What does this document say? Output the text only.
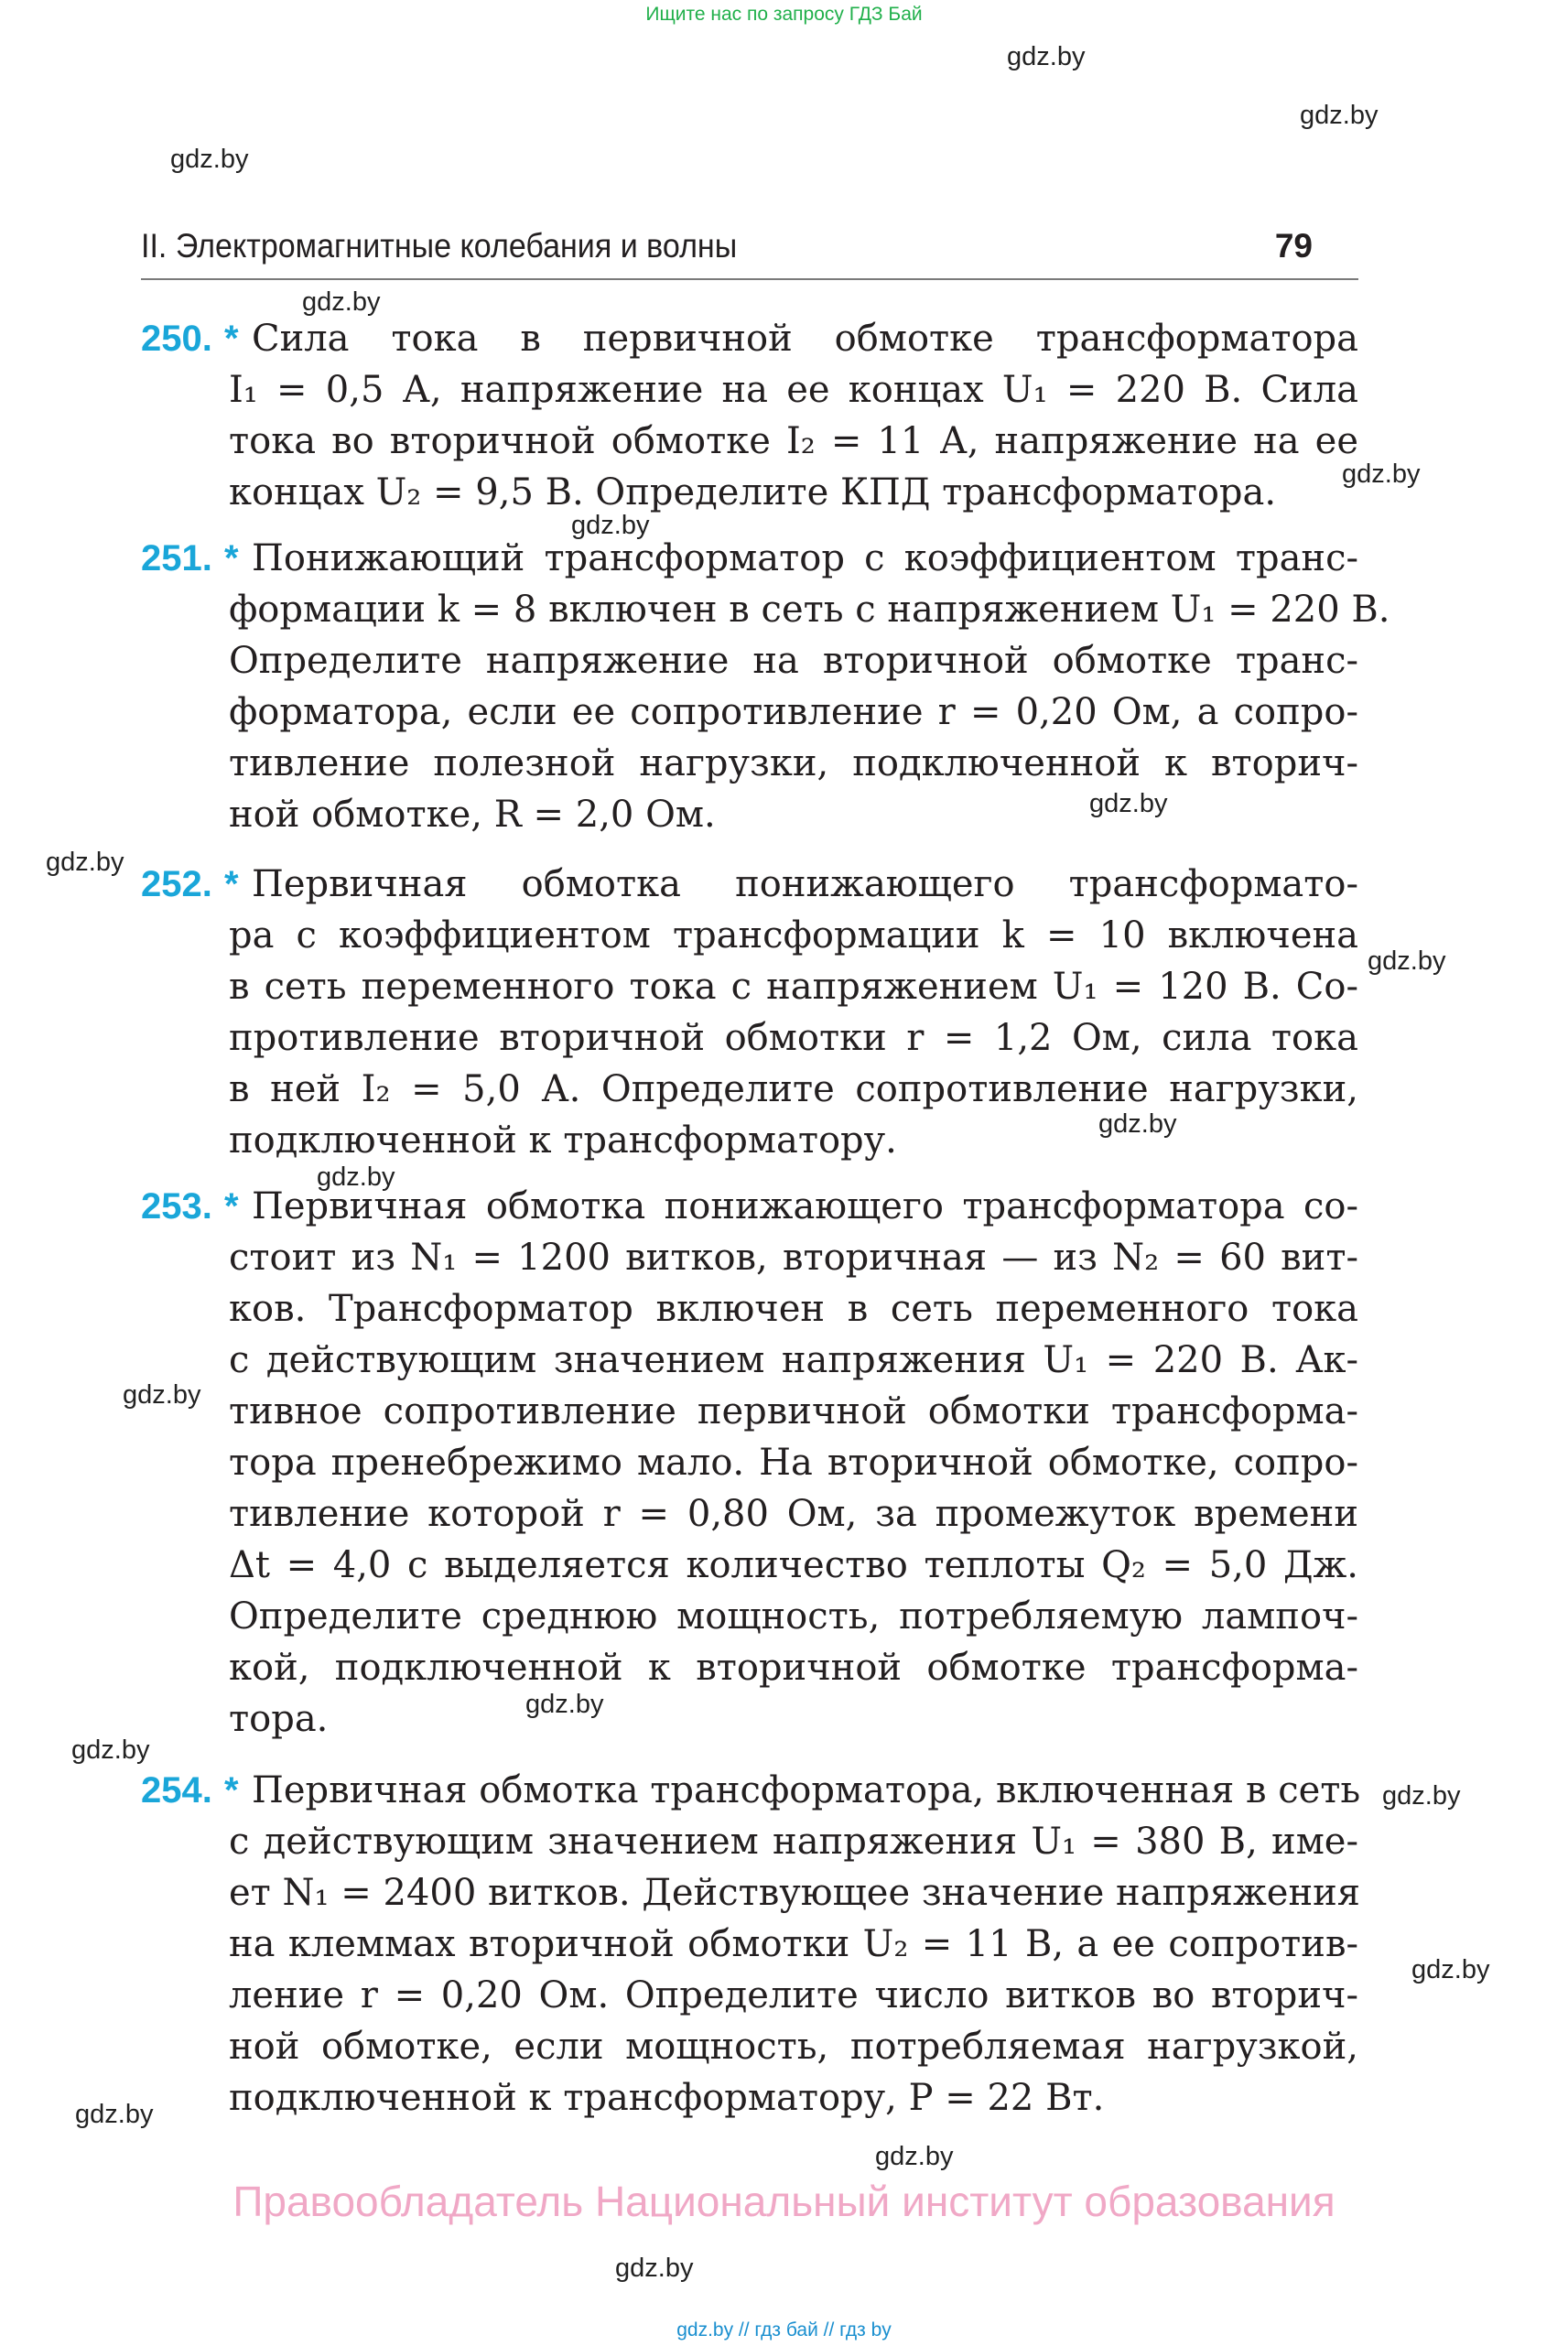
Ищите нас по запросу ГДЗ Бай
gdz.by
gdz.by
gdz.by
gdz.by
gdz.by
gdz.by
gdz.by
gdz.by
gdz.by
gdz.by
gdz.by
gdz.by
gdz.by
gdz.by
gdz.by
gdz.by
gdz.by
gdz.by
gdz.by
II. Электромагнитные колебания и волны	79
250. * Сила тока в первичной обмотке трансформатора
I₁ = 0,5 А, напряжение на ее концах U₁ = 220 В. Сила
тока во вторичной обмотке I₂ = 11 А, напряжение на ее
концах U₂ = 9,5 В. Определите КПД трансформатора.
251. * Понижающий трансформатор с коэффициентом транс-
формации k = 8 включен в сеть с напряжением U₁ = 220 В.
Определите напряжение на вторичной обмотке транс-
форматора, если ее сопротивление r = 0,20 Ом, а сопро-
тивление полезной нагрузки, подключенной к вторич-
ной обмотке, R = 2,0 Ом.
252. * Первичная обмотка понижающего трансформато-
ра с коэффициентом трансформации k = 10 включена
в сеть переменного тока с напряжением U₁ = 120 В. Со-
противление вторичной обмотки r = 1,2 Ом, сила тока
в ней I₂ = 5,0 А. Определите сопротивление нагрузки,
подключенной к трансформатору.
253. * Первичная обмотка понижающего трансформатора со-
стоит из N₁ = 1200 витков, вторичная — из N₂ = 60 вит-
ков. Трансформатор включен в сеть переменного тока
с действующим значением напряжения U₁ = 220 В. Ак-
тивное сопротивление первичной обмотки трансформа-
тора пренебрежимо мало. На вторичной обмотке, сопро-
тивление которой r = 0,80 Ом, за промежуток времени
Δt = 4,0 с выделяется количество теплоты Q₂ = 5,0 Дж.
Определите среднюю мощность, потребляемую лампоч-
кой, подключенной к вторичной обмотке трансформа-
тора.
254. * Первичная обмотка трансформатора, включенная в сеть
с действующим значением напряжения U₁ = 380 В, име-
ет N₁ = 2400 витков. Действующее значение напряжения
на клеммах вторичной обмотки U₂ = 11 В, а ее сопротив-
ление r = 0,20 Ом. Определите число витков во вторич-
ной обмотке, если мощность, потребляемая нагрузкой,
подключенной к трансформатору, P = 22 Вт.
Правообладатель Национальный институт образования
gdz.by // гдз бай // гдз by
